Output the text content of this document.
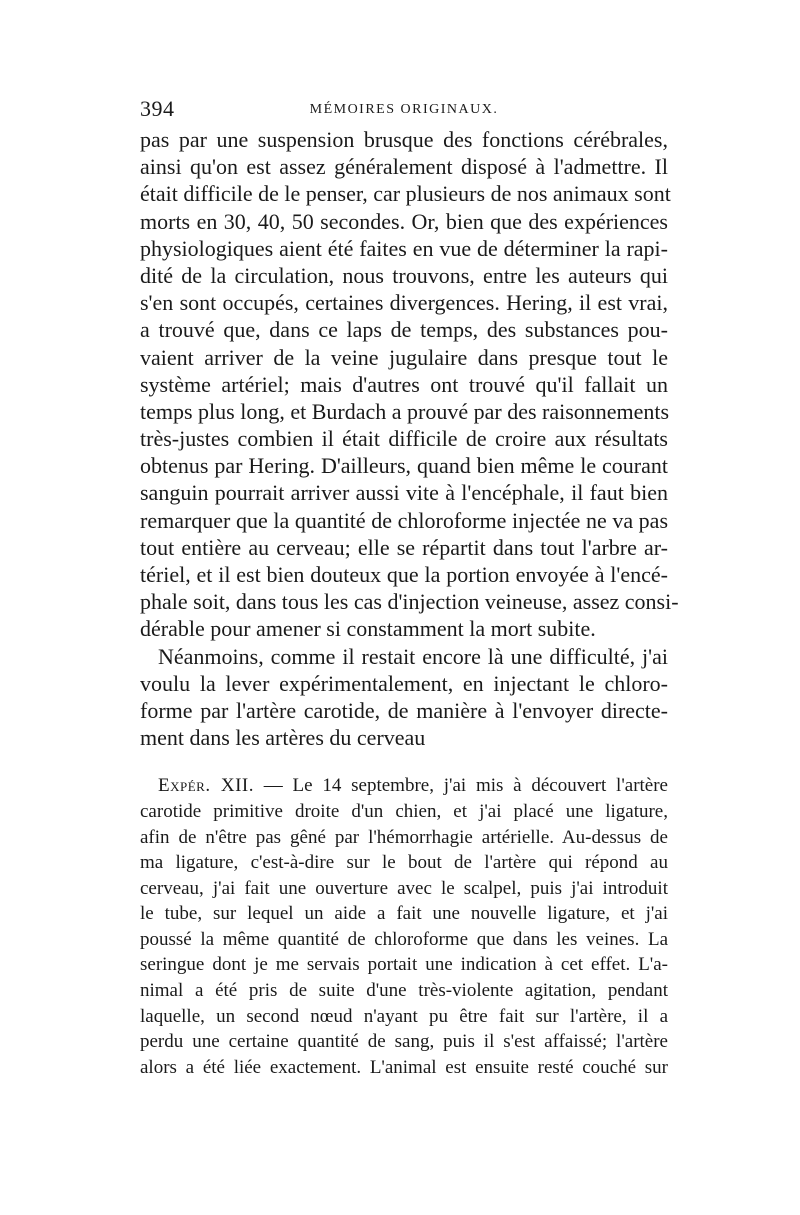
394	MÉMOIRES ORIGINAUX.
pas par une suspension brusque des fonctions cérébrales,
ainsi qu'on est assez généralement disposé à l'admettre. Il
était difficile de le penser, car plusieurs de nos animaux sont
morts en 30, 40, 50 secondes. Or, bien que des expériences
physiologiques aient été faites en vue de déterminer la rapi-
dité de la circulation, nous trouvons, entre les auteurs qui
s'en sont occupés, certaines divergences. Hering, il est vrai,
a trouvé que, dans ce laps de temps, des substances pou-
vaient arriver de la veine jugulaire dans presque tout le
système artériel; mais d'autres ont trouvé qu'il fallait un
temps plus long, et Burdach a prouvé par des raisonnements
très-justes combien il était difficile de croire aux résultats
obtenus par Hering. D'ailleurs, quand bien même le courant
sanguin pourrait arriver aussi vite à l'encéphale, il faut bien
remarquer que la quantité de chloroforme injectée ne va pas
tout entière au cerveau; elle se répartit dans tout l'arbre ar-
tériel, et il est bien douteux que la portion envoyée à l'encé-
phale soit, dans tous les cas d'injection veineuse, assez consi-
dérable pour amener si constamment la mort subite.
Néanmoins, comme il restait encore là une difficulté, j'ai
voulu la lever expérimentalement, en injectant le chloro-
forme par l'artère carotide, de manière à l'envoyer directe-
ment dans les artères du cerveau
Expér. XII. — Le 14 septembre, j'ai mis à découvert l'artère
carotide primitive droite d'un chien, et j'ai placé une ligature,
afin de n'être pas gêné par l'hémorrhagie artérielle. Au-dessus de
ma ligature, c'est-à-dire sur le bout de l'artère qui répond au
cerveau, j'ai fait une ouverture avec le scalpel, puis j'ai introduit
le tube, sur lequel un aide a fait une nouvelle ligature, et j'ai
poussé la même quantité de chloroforme que dans les veines. La
seringue dont je me servais portait une indication à cet effet. L'a-
nimal a été pris de suite d'une très-violente agitation, pendant
laquelle, un second nœud n'ayant pu être fait sur l'artère, il a
perdu une certaine quantité de sang, puis il s'est affaissé; l'artère
alors a été liée exactement. L'animal est ensuite resté couché sur
